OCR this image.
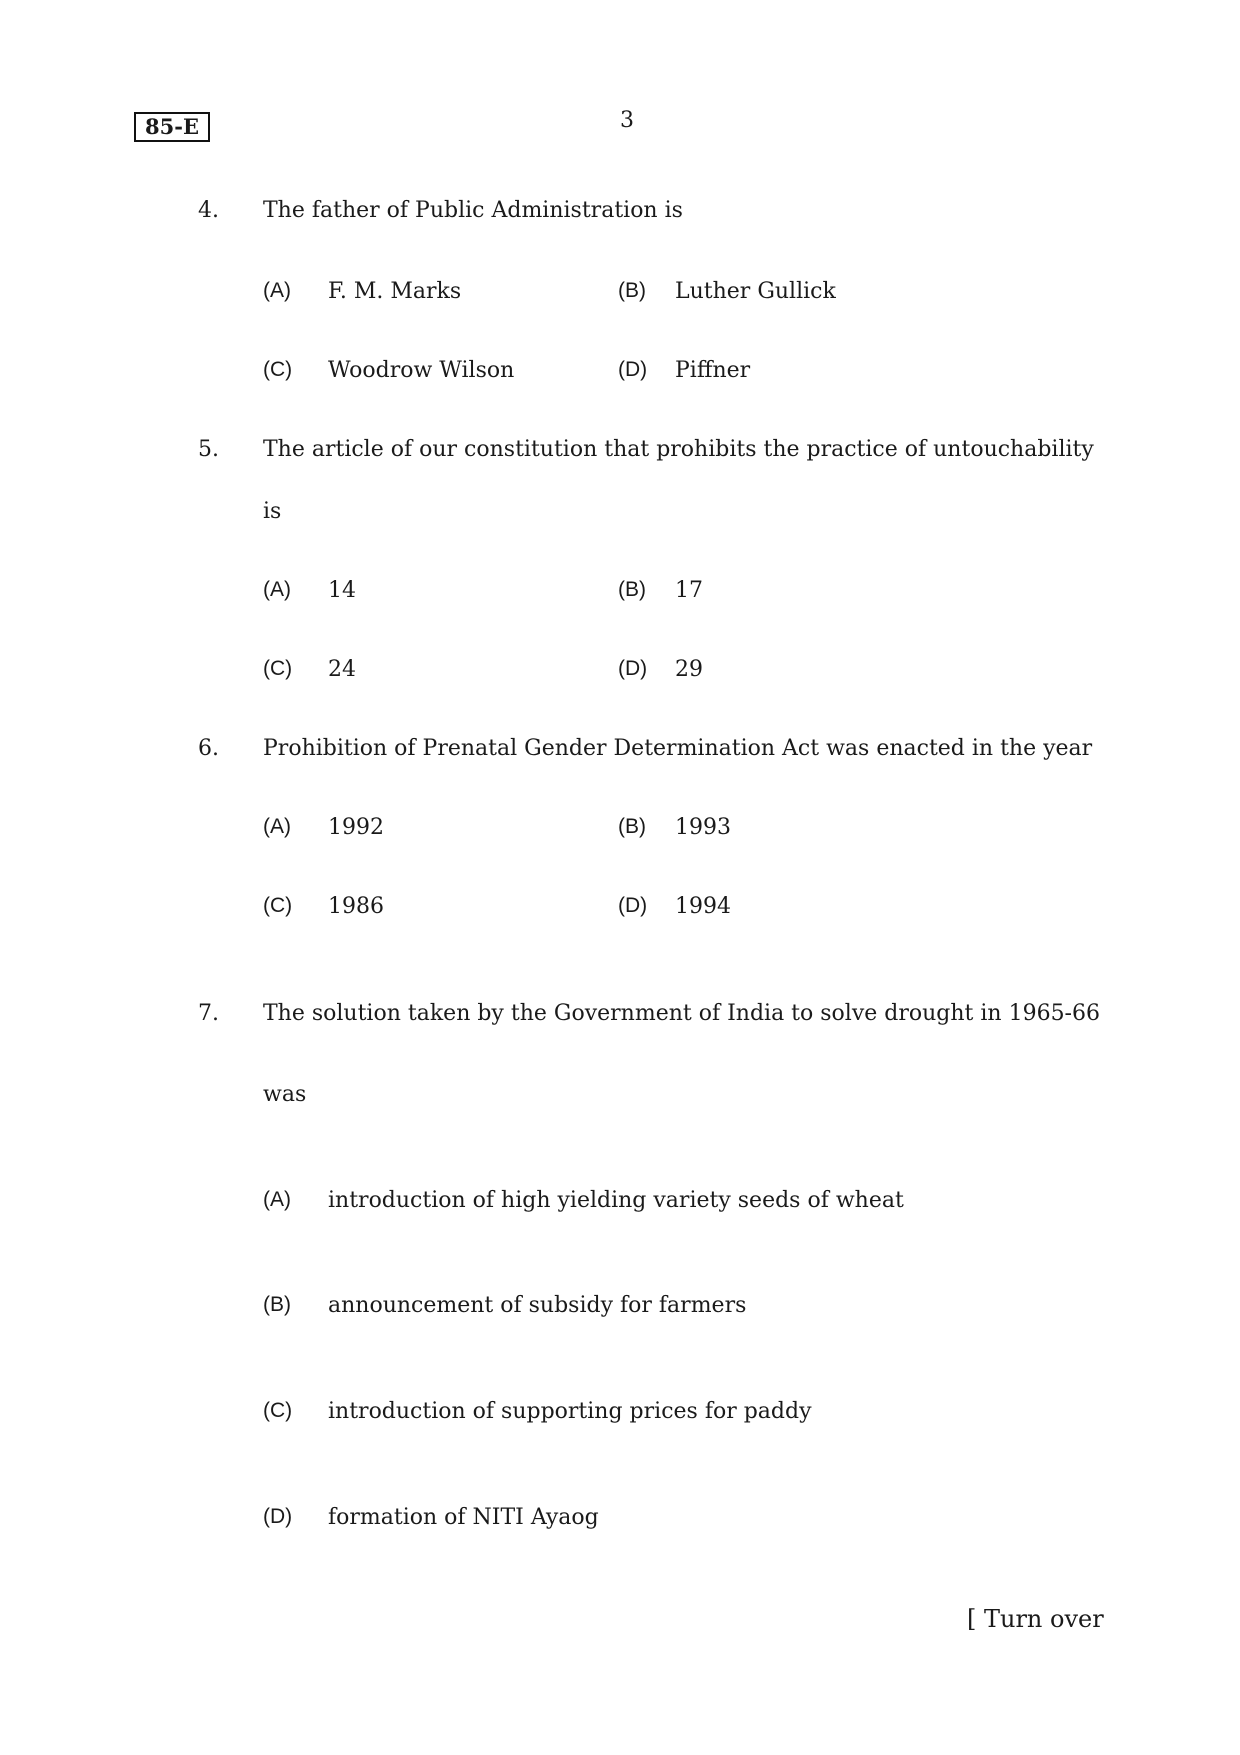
85-E	3
4. The father of Public Administration is
(A) F. M. Marks	(B) Luther Gullick
(C) Woodrow Wilson	(D) Piffner
5. The article of our constitution that prohibits the practice of untouchability
is
(A) 14	(B) 17
(C) 24	(D) 29
6. Prohibition of Prenatal Gender Determination Act was enacted in the year
(A) 1992	(B) 1993
(C) 1986	(D) 1994
7. The solution taken by the Government of India to solve drought in 1965-66
was
(A) introduction of high yielding variety seeds of wheat
(B) announcement of subsidy for farmers
(C) introduction of supporting prices for paddy
(D) formation of NITI Ayaog
[ Turn over
